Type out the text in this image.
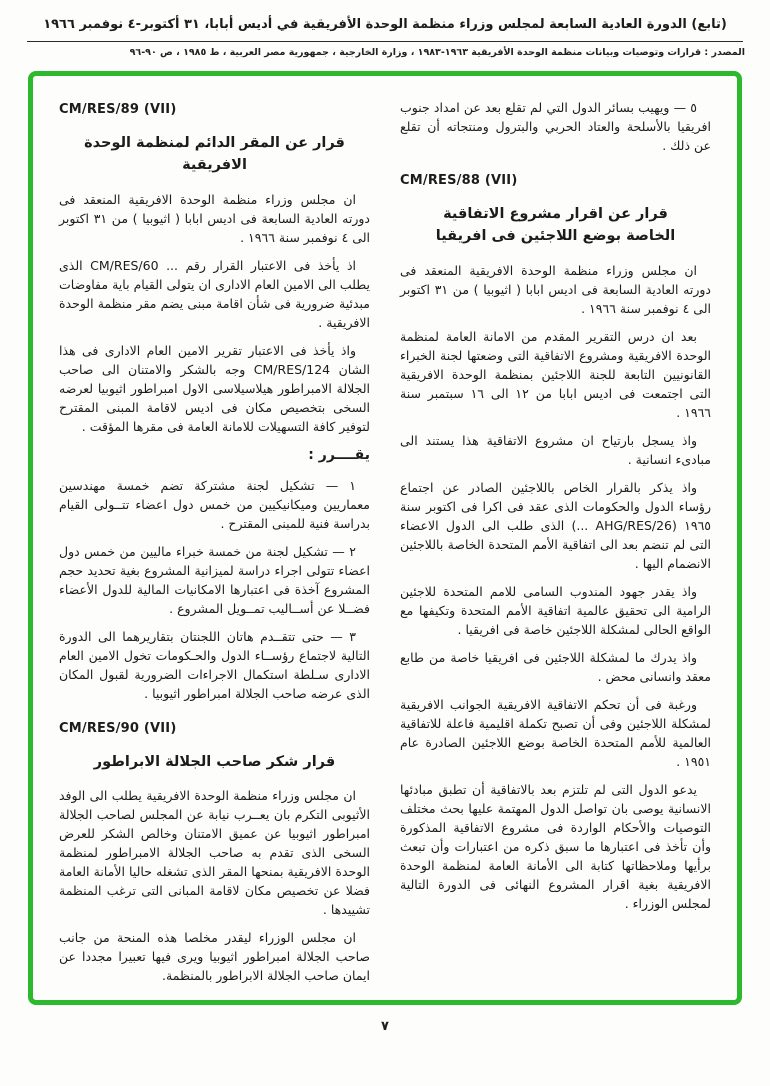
(تابع) الدورة العادية السابعة لمجلس وزراء منظمة الوحدة الأفريقية في أديس أبابا، ٣١ أكتوبر-٤ نوفمبر ١٩٦٦
المصدر : قرارات وتوصيات وبيانات منظمة الوحدة الأفريقية ١٩٦٣-١٩٨٣ ، وزارة الخارجية ، جمهورية مصر العربية ، ط ١٩٨٥ ، ص ٩٠-٩٦

٥ — ويهيب بسائر الدول التي لم تقلع بعد عن امداد جنوب افريقيا بالأسلحة والعتاد الحربي والبترول ومنتجاته أن تقلع عن ذلك .

CM/RES/88 (VII)
قرار عن اقرار مشروع الاتفاقية
الخاصة بوضع اللاجئين فى افريقيا

ان مجلس وزراء منظمة الوحدة الافريقية المنعقد فى دورته العادية السابعة فى اديس ابابا ( اثيوبيا ) من ٣١ اكتوبر الى ٤ نوفمبر سنة ١٩٦٦ .

بعد ان درس التقرير المقدم من الامانة العامة لمنظمة الوحدة الافريقية ومشروع الاتفاقية التى وضعتها لجنة الخبراء القانونيين التابعة للجنة اللاجئين بمنظمة الوحدة الافريقية التى اجتمعت فى اديس ابابا من ١٢ الى ١٦ سبتمبر سنة ١٩٦٦ .

واذ يسجل بارتياح ان مشروع الاتفاقية هذا يستند الى مبادىء انسانية .

واذ يذكر بالقرار الخاص باللاجئين الصادر عن اجتماع رؤساء الدول والحكومات الذى عقد فى اكرا فى اكتوبر سنة ١٩٦٥ (AHG/RES/26 ...) الذى طلب الى الدول الاعضاء التى لم تنضم بعد الى اتفاقية الأمم المتحدة الخاصة باللاجئين الانضمام اليها .

واذ يقدر جهود المندوب السامى للامم المتحدة للاجئين الرامية الى تحقيق عالمية اتفاقية الأمم المتحدة وتكيفها مع الواقع الحالى لمشكلة اللاجئين خاصة فى افريقيا .

واذ يدرك ما لمشكلة اللاجئين فى افريقيا خاصة من طابع معقد وانسانى محض .

ورغبة فى أن تحكم الاتفاقية الافريقية الجوانب الافريقية لمشكلة اللاجئين وفى أن تصبح تكملة اقليمية فاعلة للاتفاقية العالمية للأمم المتحدة الخاصة بوضع اللاجئين الصادرة عام ١٩٥١ .

يدعو الدول التى لم تلتزم بعد بالاتفاقية أن تطبق مبادئها الانسانية يوصى بان تواصل الدول المهتمة عليها بحث مختلف التوصيات والأحكام الواردة فى مشروع الاتفاقية المذكورة وأن تأخذ فى اعتبارها ما سبق ذكره من اعتبارات وأن تبعث برأيها وملاحظاتها كتابة الى الأمانة العامة لمنظمة الوحدة الافريقية بغية اقرار المشروع النهائى فى الدورة التالية لمجلس الوزراء .

CM/RES/89 (VII)
قرار عن المقر الدائم لمنظمة الوحدة الافريقية

ان مجلس وزراء منظمة الوحدة الافريقية المنعقد فى دورته العادية السابعة فى اديس ابابا ( اثيوبيا ) من ٣١ اكتوبر الى ٤ نوفمبر سنة ١٩٦٦ .

اذ يأخذ فى الاعتبار القرار رقم ... CM/RES/60 الذى يطلب الى الامين العام الادارى ان يتولى القيام باية مفاوضات مبدئية ضرورية فى شأن اقامة مبنى يضم مقر منظمة الوحدة الافريقية .

واذ يأخذ فى الاعتبار تقرير الامين العام الادارى فى هذا الشان CM/RES/124 وجه بالشكر والامتنان الى صاحب الجلالة الامبراطور هيلاسيلاسى الاول امبراطور اثيوبيا لعرضه السخى بتخصيص مكان فى اديس لاقامة المبنى المقترح لتوفير كافة التسهيلات للامانة العامة فى مقرها المؤقت .

يقــــرر :

١ — تشكيل لجنة مشتركة تضم خمسة مهندسين معماريين وميكانيكيين من خمس دول اعضاء تتــولى القيام بدراسة فنية للمبنى المقترح .

٢ — تشكيل لجنة من خمسة خبراء ماليين من خمس دول اعضاء تتولى اجراء دراسة لميزانية المشروع بغية تحديد حجم المشروع آخذة فى اعتبارها الامكانيات المالية للدول الأعضاء فضــلا عن أســاليب تمــويل المشروع .

٣ — حتى تتقــدم هاتان اللجنتان بتقاريرهما الى الدورة التالية لاجتماع رؤســاء الدول والحـكومات تخول الامين العام الادارى سـلطة استكمال الاجراءات الضرورية لقبول المكان الذى عرضه صاحب الجلالة امبراطور اثيوبيا .

CM/RES/90 (VII)
قرار شكر صاحب الجلالة الابراطور

ان مجلس وزراء منظمة الوحدة الافريقية يطلب الى الوفد الأثيوبى التكرم بان يعــرب نيابة عن المجلس لصاحب الجلالة امبراطور اثيوبيا عن عميق الامتنان وخالص الشكر للعرض السخى الذى تقدم به صاحب الجلالة الامبراطور لمنظمة الوحدة الافريقية بمنحها المقر الذى تشغله حاليا الأمانة العامة فضلا عن تخصيص مكان لاقامة المبانى التى ترغب المنظمة تشييدها .

ان مجلس الوزراء ليقدر مخلصا هذه المنحة من جانب صاحب الجلالة امبراطور اثيوبيا ويرى فيها تعبيرا مجددا عن ايمان صاحب الجلالة الابراطور بالمنظمة.

٧
